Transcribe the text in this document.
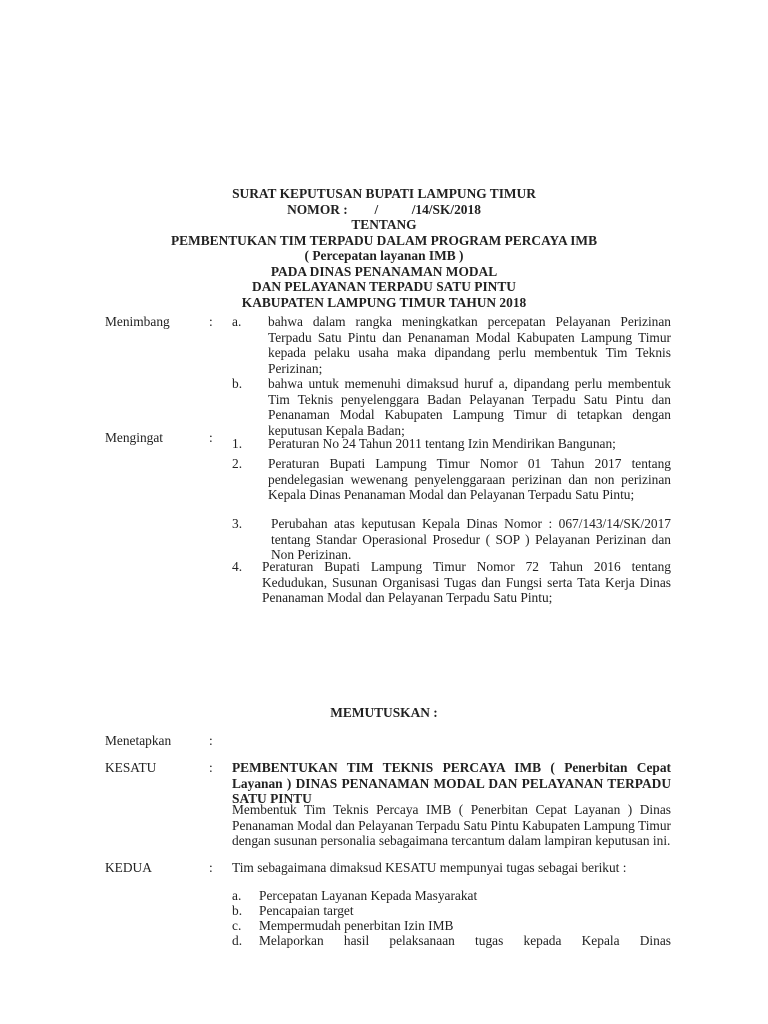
SURAT KEPUTUSAN BUPATI LAMPUNG TIMUR
NOMOR :        /          /14/SK/2018
TENTANG
PEMBENTUKAN TIM TERPADU DALAM PROGRAM PERCAYA IMB
( Percepatan layanan IMB )
PADA DINAS PENANAMAN MODAL
DAN PELAYANAN TERPADU SATU PINTU
KABUPATEN LAMPUNG TIMUR TAHUN 2018
Menimbang	: a. bahwa dalam rangka meningkatkan percepatan Pelayanan Perizinan Terpadu Satu Pintu dan Penanaman Modal Kabupaten Lampung Timur kepada pelaku usaha maka dipandang perlu membentuk Tim Teknis Perizinan;
b. bahwa untuk memenuhi dimaksud huruf a, dipandang perlu membentuk Tim Teknis penyelenggara Badan Pelayanan Terpadu Satu Pintu dan Penanaman Modal Kabupaten Lampung Timur di tetapkan dengan keputusan Kepala Badan;
Mengingat	: 1. Peraturan No 24 Tahun 2011 tentang Izin Mendirikan Bangunan;
2. Peraturan Bupati Lampung Timur Nomor 01 Tahun 2017 tentang pendelegasian wewenang penyelenggaraan perizinan dan non perizinan Kepala Dinas Penanaman Modal dan Pelayanan Terpadu Satu Pintu;
3. Perubahan atas keputusan Kepala Dinas Nomor : 067/143/14/SK/2017 tentang Standar Operasional Prosedur ( SOP ) Pelayanan Perizinan dan Non Perizinan.
4. Peraturan Bupati Lampung Timur Nomor 72 Tahun 2016 tentang Kedudukan, Susunan Organisasi Tugas dan Fungsi serta Tata Kerja Dinas Penanaman Modal dan Pelayanan Terpadu Satu Pintu;
MEMUTUSKAN :
Menetapkan	:
KESATU	: PEMBENTUKAN TIM TEKNIS PERCAYA IMB ( Penerbitan Cepat Layanan ) DINAS PENANAMAN MODAL DAN PELAYANAN TERPADU SATU PINTU
Membentuk Tim Teknis Percaya IMB ( Penerbitan Cepat Layanan ) Dinas Penanaman Modal dan Pelayanan Terpadu Satu Pintu Kabupaten Lampung Timur dengan susunan personalia sebagaimana tercantum dalam lampiran keputusan ini.
KEDUA	: Tim sebagaimana dimaksud KESATU mempunyai tugas sebagai berikut :
a. Percepatan Layanan Kepada Masyarakat
b. Pencapaian target
c. Mempermudah penerbitan Izin IMB
d. Melaporkan hasil pelaksanaan tugas kepada Kepala Dinas
